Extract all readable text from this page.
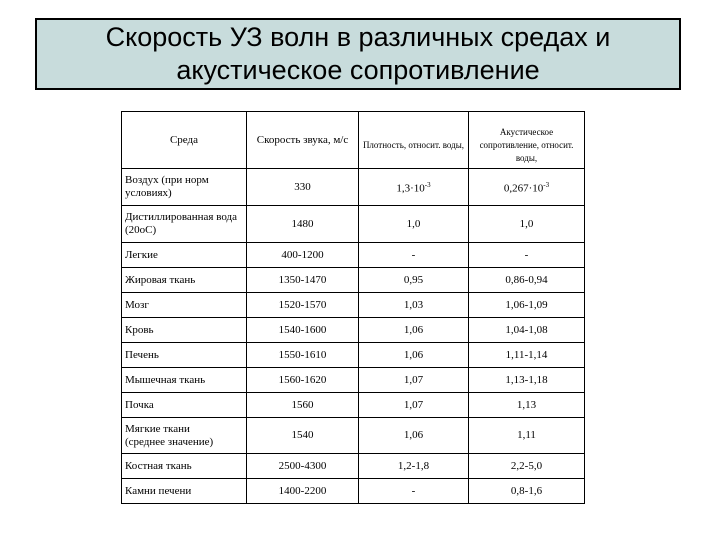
Скорость УЗ волн в различных средах и
акустическое сопротивление
Среда	Скорость звука, м/с	Плотность, относит. воды,	Акустическое сопротивление, относит. воды,
Воздух (при норм условиях)	330	$1,3\cdot 10^{-3}$	$0,267\cdot 10^{-3}$
Дистиллированная вода (20оС)	1480	1,0	1,0
Легкие	400-1200	-	-
Жировая ткань	1350-1470	0,95	0,86-0,94
Мозг	1520-1570	1,03	1,06-1,09
Кровь	1540-1600	1,06	1,04-1,08
Печень	1550-1610	1,06	1,11-1,14
Мышечная ткань	1560-1620	1,07	1,13-1,18
Почка	1560	1,07	1,13

Мягкие ткани
(среднее значение)	1540	1,06	1,11
Костная ткань	2500-4300	1,2-1,8	2,2-5,0
Камни печени	1400-2200	-	0,8-1,6
